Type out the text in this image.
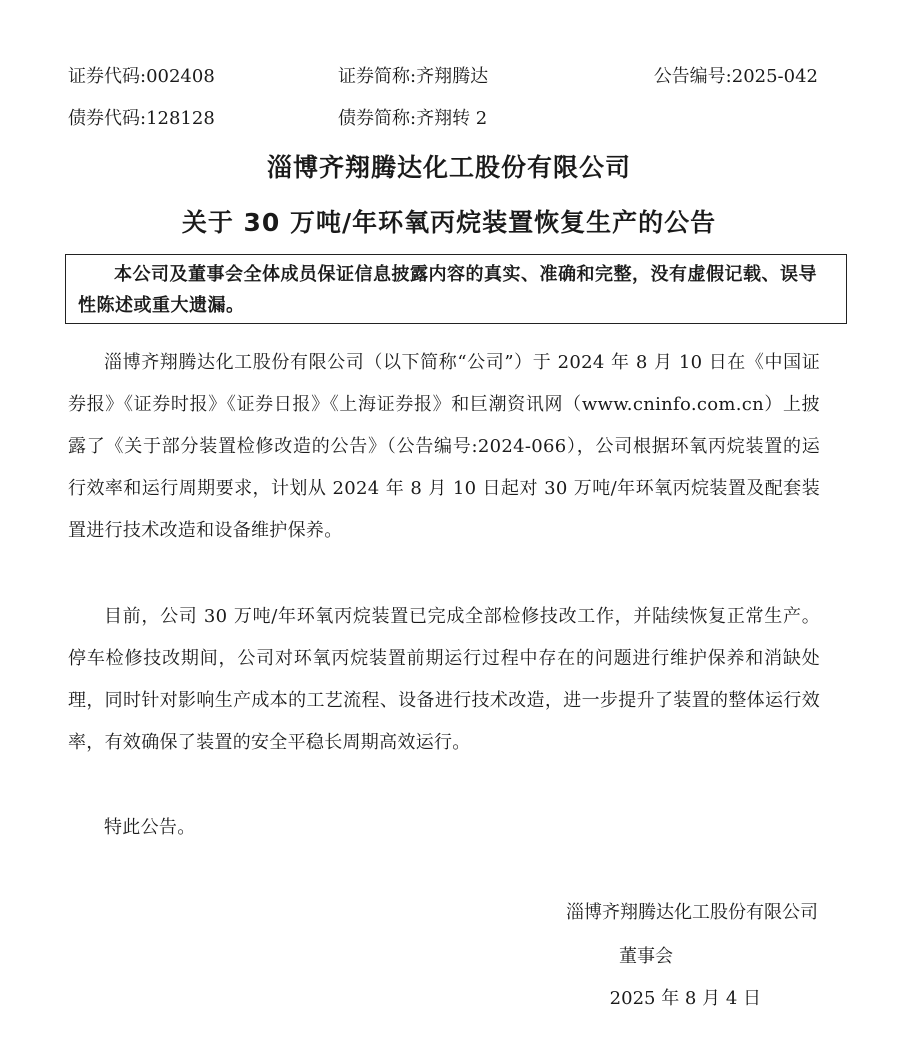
证券代码:002408	证券简称:齐翔腾达	公告编号:2025-042
债券代码:128128	债券简称:齐翔转 2
淄博齐翔腾达化工股份有限公司
关于 30 万吨/年环氧丙烷装置恢复生产的公告
本公司及董事会全体成员保证信息披露内容的真实、准确和完整，没有虚假记载、误导性陈述或重大遗漏。

淄博齐翔腾达化工股份有限公司（以下简称“公司”）于 2024 年 8 月 10 日在《中国证券报》《证券时报》《证券日报》《上海证券报》和巨潮资讯网（www.cninfo.com.cn）上披露了《关于部分装置检修改造的公告》（公告编号:2024-066），公司根据环氧丙烷装置的运行效率和运行周期要求，计划从 2024 年 8 月 10 日起对 30 万吨/年环氧丙烷装置及配套装置进行技术改造和设备维护保养。

目前，公司 30 万吨/年环氧丙烷装置已完成全部检修技改工作，并陆续恢复正常生产。停车检修技改期间，公司对环氧丙烷装置前期运行过程中存在的问题进行维护保养和消缺处理，同时针对影响生产成本的工艺流程、设备进行技术改造，进一步提升了装置的整体运行效率，有效确保了装置的安全平稳长周期高效运行。

特此公告。

淄博齐翔腾达化工股份有限公司
董事会
2025 年 8 月 4 日
